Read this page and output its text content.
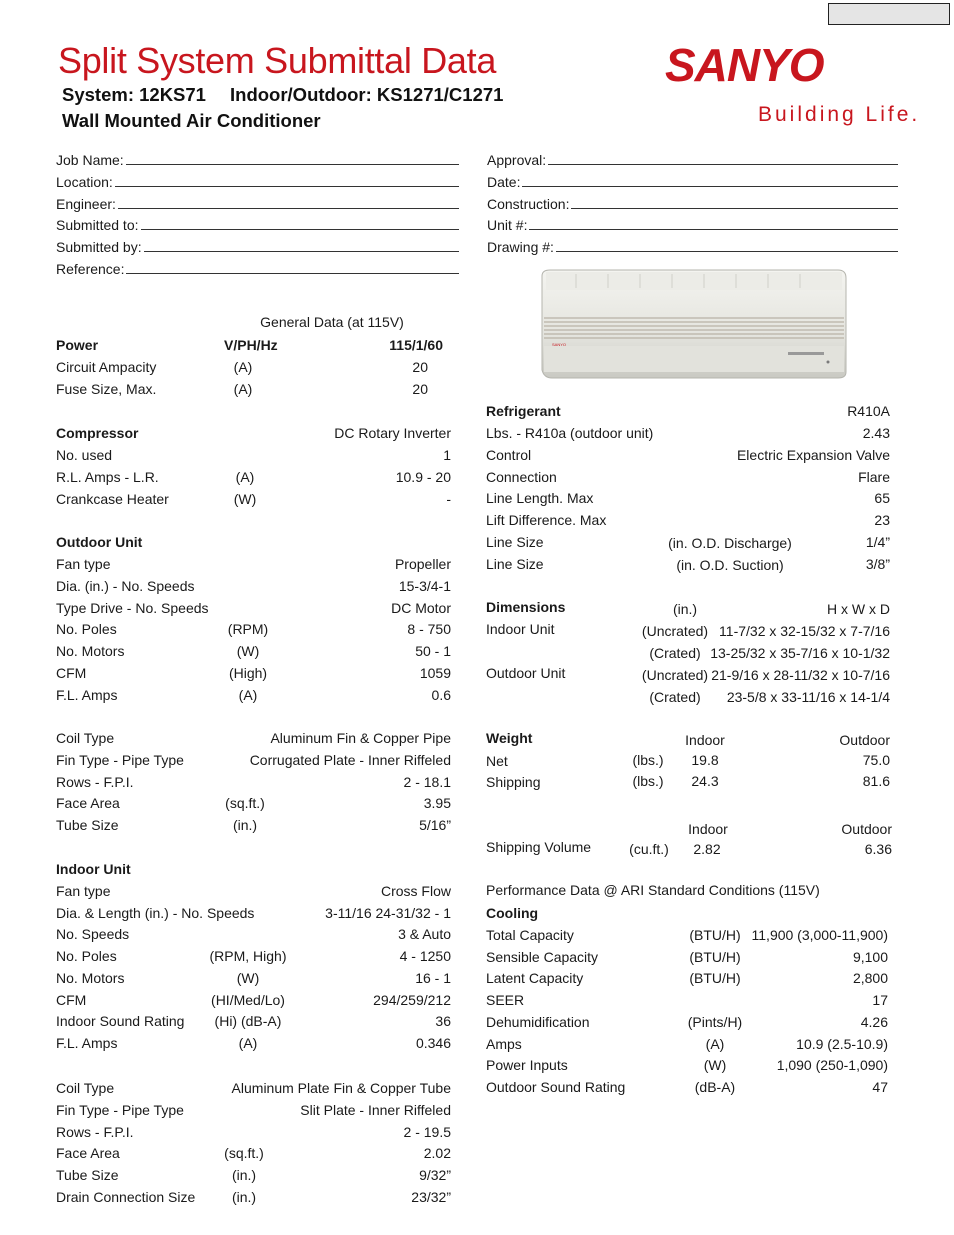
Split System Submittal Data
System: 12KS71 Indoor/Outdoor: KS1271/C1271
Wall Mounted Air Conditioner
SANYO
Building Life.
Job Name:
Location:
Engineer:
Submitted to:
Submitted by:
Reference:
Approval:
Date:
Construction:
Unit #:
Drawing #:
SANYO
General Data (at 115V)
Power	V/PH/Hz	115/1/60
Circuit Ampacity	(A)	20
Fuse Size, Max.	(A)	20
Compressor	DC Rotary Inverter
No. used	1
R.L. Amps - L.R.	(A)	10.9 - 20
Crankcase Heater	(W)	-
Outdoor Unit
Fan type	Propeller
Dia. (in.) - No. Speeds	15-3/4-1
Type Drive - No. Speeds	DC Motor
No. Poles	(RPM)	8 - 750
No. Motors	(W)	50 - 1
CFM	(High)	1059
F.L. Amps	(A)	0.6
Coil Type	Aluminum Fin & Copper Pipe
Fin Type - Pipe Type	Corrugated Plate - Inner Riffeled
Rows - F.P.I.	2 - 18.1
Face Area	(sq.ft.)	3.95
Tube Size	(in.)	5/16”
Indoor Unit
Fan type	Cross Flow
Dia. & Length (in.) - No. Speeds	3-11/16 24-31/32 - 1
No. Speeds	3 & Auto
No. Poles	(RPM, High)	4 - 1250
No. Motors	(W)	16 - 1
CFM	(HI/Med/Lo)	294/259/212
Indoor Sound Rating	(Hi) (dB-A)	36
F.L. Amps	(A)	0.346
Coil Type	Aluminum Plate Fin & Copper Tube
Fin Type - Pipe Type	Slit Plate - Inner Riffeled
Rows - F.P.I.	2 - 19.5
Face Area	(sq.ft.)	2.02
Tube Size	(in.)	9/32”
Drain Connection Size	(in.)	23/32”
Refrigerant	R410A
Lbs. - R410a (outdoor unit)	2.43
Control	Electric Expansion Valve
Connection	Flare
Line Length. Max	65
Lift Difference. Max	23
Line Size	(in. O.D. Discharge)	1/4”
Line Size	(in. O.D. Suction)	3/8”
Dimensions	(in.)	H x W x D
Indoor Unit	(Uncrated) 11-7/32 x 32-15/32 x 7-7/16
(Crated) 13-25/32 x 35-7/16 x 10-1/32
Outdoor Unit	(Uncrated) 21-9/16 x 28-11/32 x 10-7/16
(Crated)	23-5/8 x 33-11/16 x 14-1/4
Weight	Indoor	Outdoor
Net	(lbs.)	19.8	75.0
Shipping	(lbs.)	24.3	81.6
Indoor	Outdoor
Shipping Volume	(cu.ft.)	2.82	6.36
Performance Data @ ARI Standard Conditions (115V)
Cooling
Total Capacity	(BTU/H) 11,900 (3,000-11,900)
Sensible Capacity	(BTU/H)	9,100
Latent Capacity	(BTU/H)	2,800
SEER	17
Dehumidification	(Pints/H)	4.26
Amps	(A)	10.9 (2.5-10.9)
Power Inputs	(W)	1,090 (250-1,090)
Outdoor Sound Rating	(dB-A)	47
